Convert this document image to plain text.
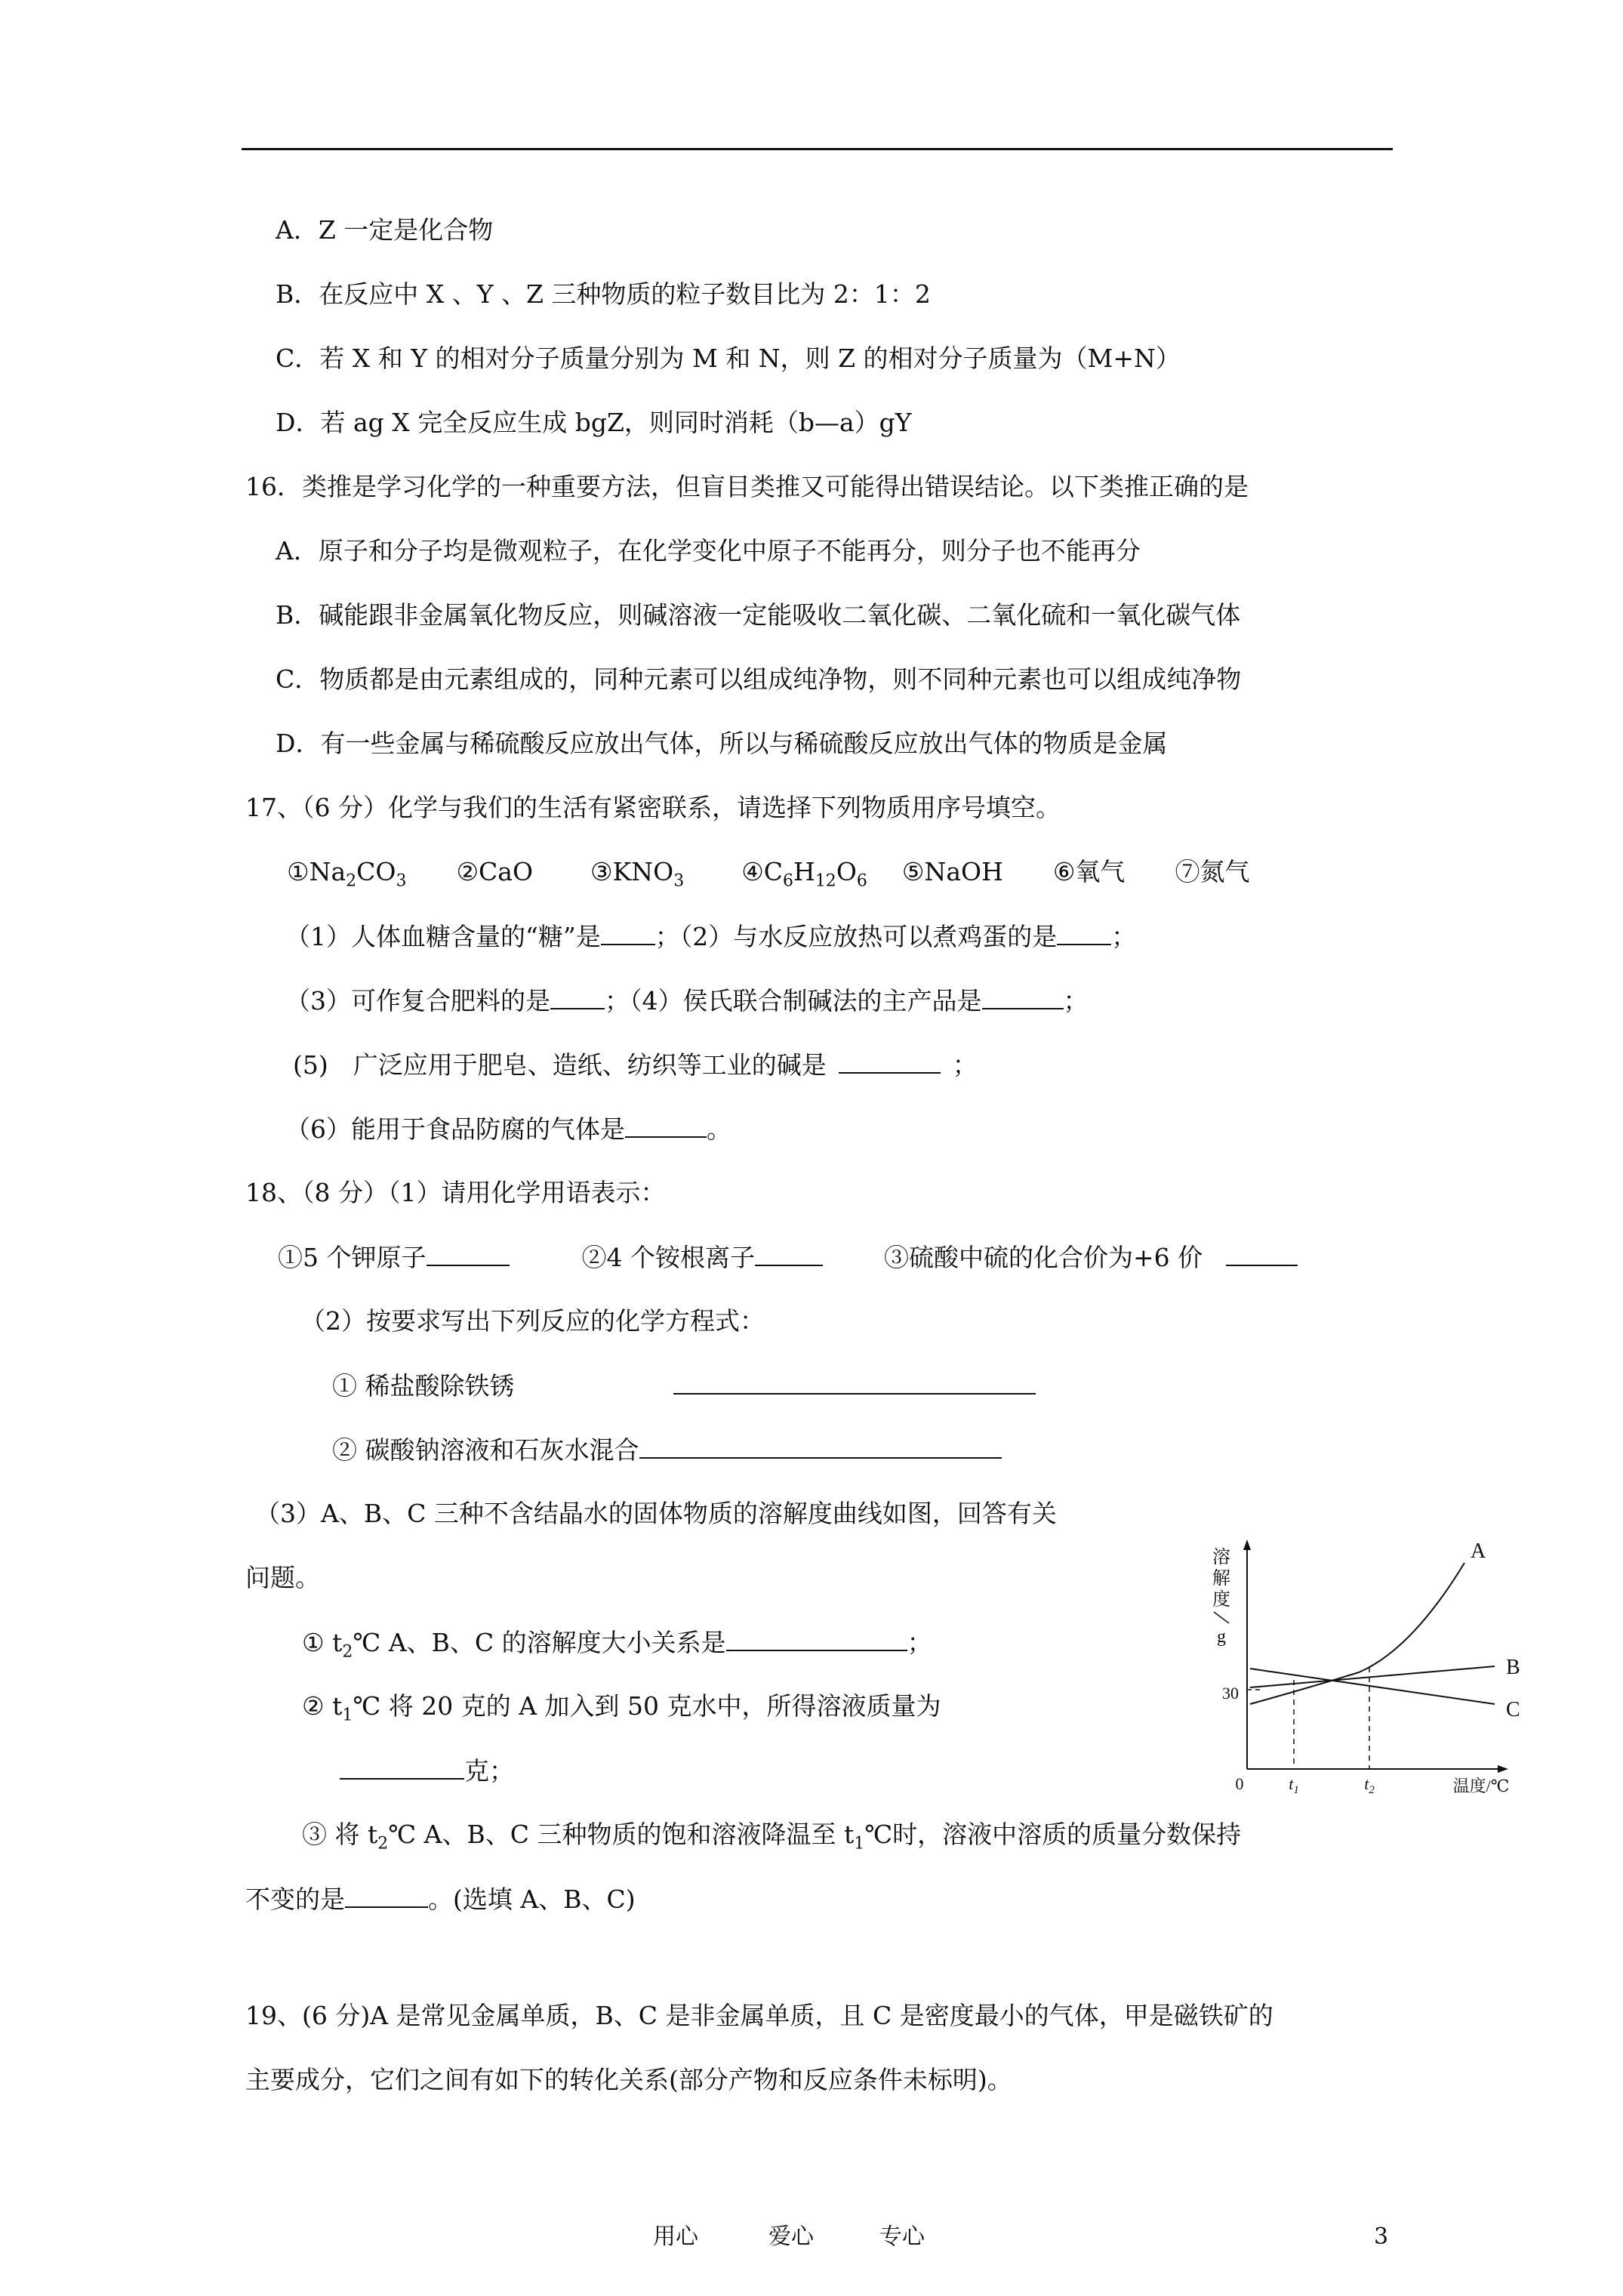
A．Z 一定是化合物
B．在反应中 X 、Y 、Z 三种物质的粒子数目比为 2：1：2
C．若 X 和 Y 的相对分子质量分别为 M 和 N，则 Z 的相对分子质量为（M+N）
D．若 ag X 完全反应生成 bgZ，则同时消耗（b—a）gY
16．类推是学习化学的一种重要方法，但盲目类推又可能得出错误结论。以下类推正确的是
A．原子和分子均是微观粒子，在化学变化中原子不能再分，则分子也不能再分
B．碱能跟非金属氧化物反应，则碱溶液一定能吸收二氧化碳、二氧化硫和一氧化碳气体
C．物质都是由元素组成的，同种元素可以组成纯净物，则不同种元素也可以组成纯净物
D．有一些金属与稀硫酸反应放出气体，所以与稀硫酸反应放出气体的物质是金属
17、（6 分）化学与我们的生活有紧密联系，请选择下列物质用序号填空。
$①Na_2CO_3$ ②CaO $③KNO_3$ $④C_6H_{12}O_6$ ⑤NaOH ⑥氧气 ⑦氮气
（1）人体血糖含量的“糖”是 ；（2）与水反应放热可以煮鸡蛋的是 ；
（3）可作复合肥料的是 ；（4）侯氏联合制碱法的主产品是	；
(5)　广泛应用于肥皂、造纸、纺织等工业的碱是	；
（6）能用于食品防腐的气体是	。
18、（8 分）（1）请用化学用语表示：
①5 个钾原子	②4 个铵根离子	③硫酸中硫的化合价为+6 价
（2）按要求写出下列反应的化学方程式：
① 稀盐酸除铁锈
② 碳酸钠溶液和石灰水混合
（3）A、B、C 三种不含结晶水的固体物质的溶解度曲线如图，回答有关
问题。
① $t_2℃$ A、B、C 的溶解度大小关系是	；
② $t_1℃$ 将 20 克的 A 加入到 50 克水中，所得溶液质量为
克；
③ 将 $t_2℃$ A、B、C 三种物质的饱和溶液降温至 $t_1℃$时，溶液中溶质的质量分数保持
不变的是	。(选填 A、B、C)
溶
解
度
g
0
30
温度/℃
$t_1$	$t_2$
A
B
C
19、(6 分)A 是常见金属单质，B、C 是非金属单质，且 C 是密度最小的气体，甲是磁铁矿的
主要成分，它们之间有如下的转化关系(部分产物和反应条件未标明)。
用心	爱心	专心	3
